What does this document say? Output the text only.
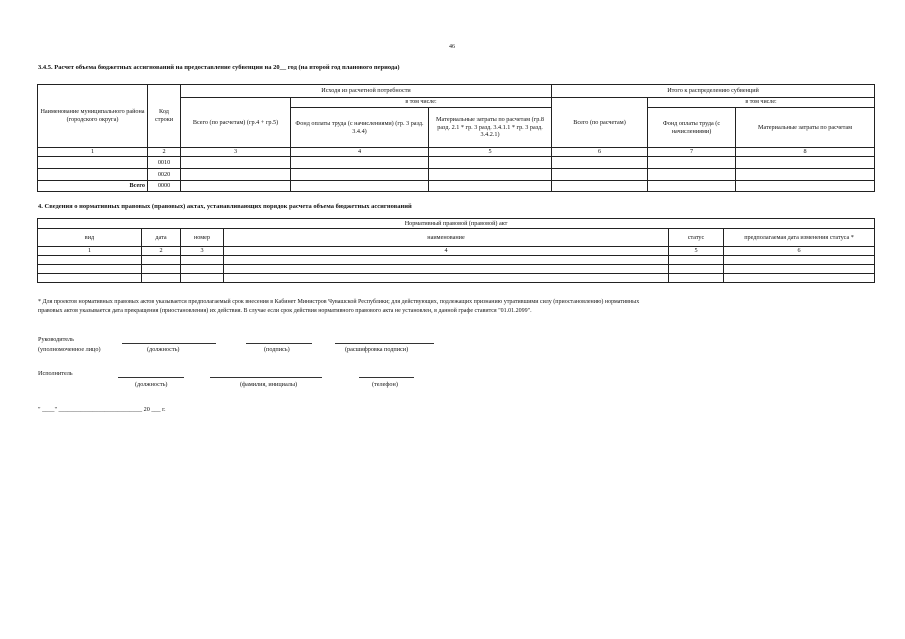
46
3.4.5. Расчет объема бюджетных ассигнований на предоставление субвенции на 20__ год (на второй год планового периода)
Наименование муниципального района (городского округа)	Код строки	Исходя из расчетной потребности			Итого к распределению субвенций		
		Всего (по расчетам) (гр.4 + гр.5)	в том числе:		Всего (по расчетам)	в том числе:	
			Фонд оплаты труда (с начислениями) (гр. 3 разд. 3.4.4)	Материальные затраты по расчетам (гр.8 разд. 2.1 * гр. 3 разд. 3.4.1.1 * гр. 3 разд. 3.4.2.1)		Фонд оплаты труда (с начислениями)	Материальные затраты по расчетам
1	2	3	4	5	6	7	8
	0010						
	0020						
Всего	0000						
4. Сведения о нормативных правовых (правовых) актах, устанавливающих порядок расчета объема бюджетных ассигнований
Нормативный правовой (правовой) акт					
вид	дата	номер	наименование	статус	предполагаемая дата изменения статуса *
1	2	3	4	5	6

* Для проектов нормативных правовых актов указывается предполагаемый срок внесения в Кабинет Министров Чувашской Республики; для действующих, подлежащих признанию утратившими силу (приостановлению) нормативных
правовых актов указывается дата прекращения (приостановления) их действия. В случае если срок действия нормативного правового акта не установлен, в данной графе ставится "01.01.2099".
Руководитель
(уполномоченное лицо)	(должность)	(подпись)	(расшифровка подписи)
Исполнитель
(должность)	(фамилия, инициалы)	(телефон)
" ____" ___________________________ 20 ___ г.
